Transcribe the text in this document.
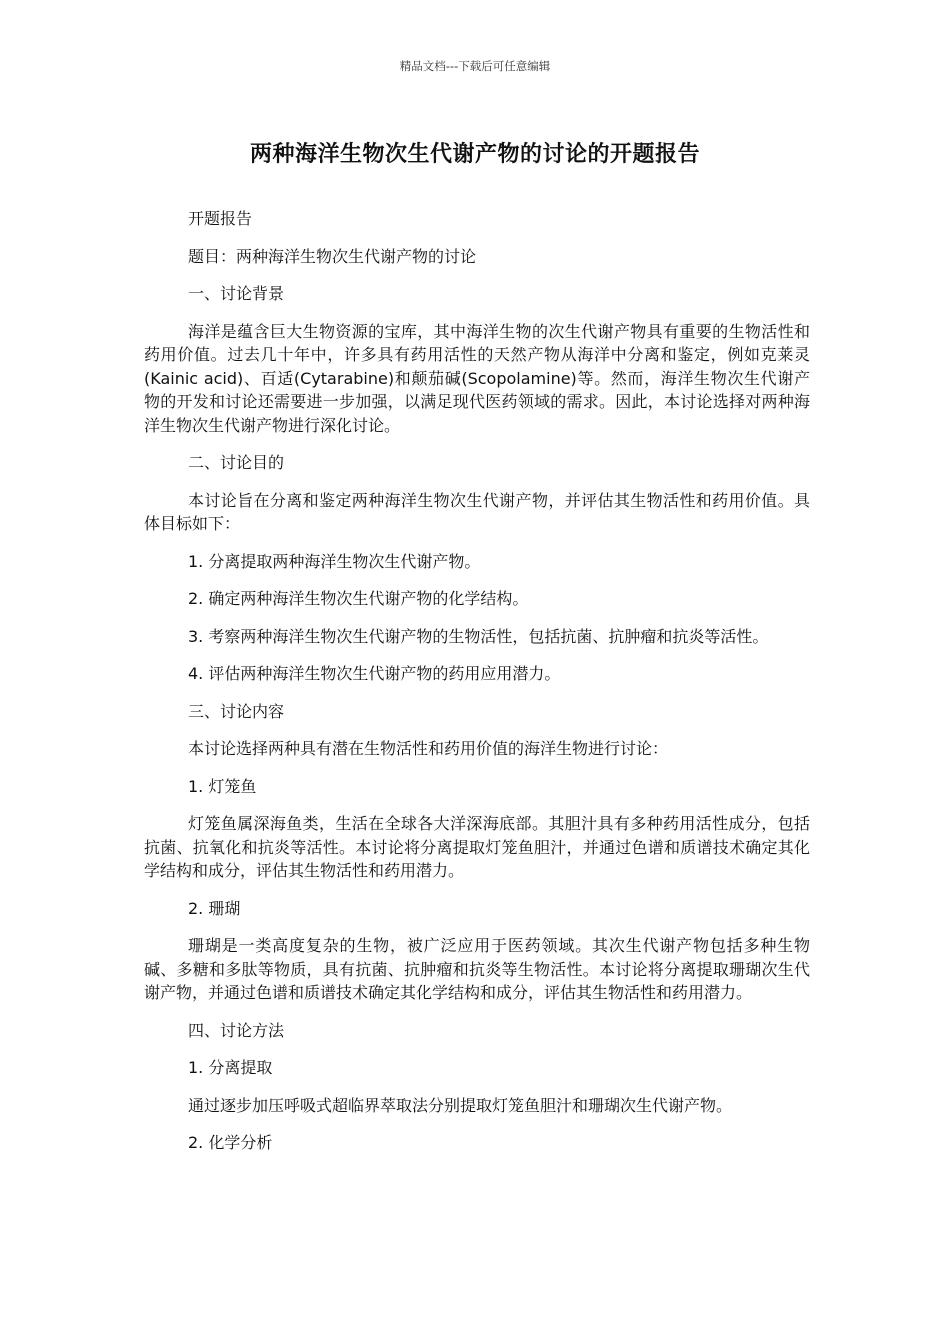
精品文档---下载后可任意编辑
两种海洋生物次生代谢产物的讨论的开题报告

开题报告

题目：两种海洋生物次生代谢产物的讨论

一、讨论背景

海洋是蕴含巨大生物资源的宝库，其中海洋生物的次生代谢产物具有重要的生物活性和药用价值。过去几十年中，许多具有药用活性的天然产物从海洋中分离和鉴定，例如克莱灵(Kainic acid)、百适(Cytarabine)和颠茄碱(Scopolamine)等。然而，海洋生物次生代谢产物的开发和讨论还需要进一步加强，以满足现代医药领域的需求。因此，本讨论选择对两种海洋生物次生代谢产物进行深化讨论。

二、讨论目的

本讨论旨在分离和鉴定两种海洋生物次生代谢产物，并评估其生物活性和药用价值。具体目标如下：

1. 分离提取两种海洋生物次生代谢产物。

2. 确定两种海洋生物次生代谢产物的化学结构。

3. 考察两种海洋生物次生代谢产物的生物活性，包括抗菌、抗肿瘤和抗炎等活性。

4. 评估两种海洋生物次生代谢产物的药用应用潜力。

三、讨论内容

本讨论选择两种具有潜在生物活性和药用价值的海洋生物进行讨论：

1. 灯笼鱼

灯笼鱼属深海鱼类，生活在全球各大洋深海底部。其胆汁具有多种药用活性成分，包括抗菌、抗氧化和抗炎等活性。本讨论将分离提取灯笼鱼胆汁，并通过色谱和质谱技术确定其化学结构和成分，评估其生物活性和药用潜力。

2. 珊瑚

珊瑚是一类高度复杂的生物，被广泛应用于医药领域。其次生代谢产物包括多种生物碱、多糖和多肽等物质，具有抗菌、抗肿瘤和抗炎等生物活性。本讨论将分离提取珊瑚次生代谢产物，并通过色谱和质谱技术确定其化学结构和成分，评估其生物活性和药用潜力。

四、讨论方法

1. 分离提取

通过逐步加压呼吸式超临界萃取法分别提取灯笼鱼胆汁和珊瑚次生代谢产物。

2. 化学分析
